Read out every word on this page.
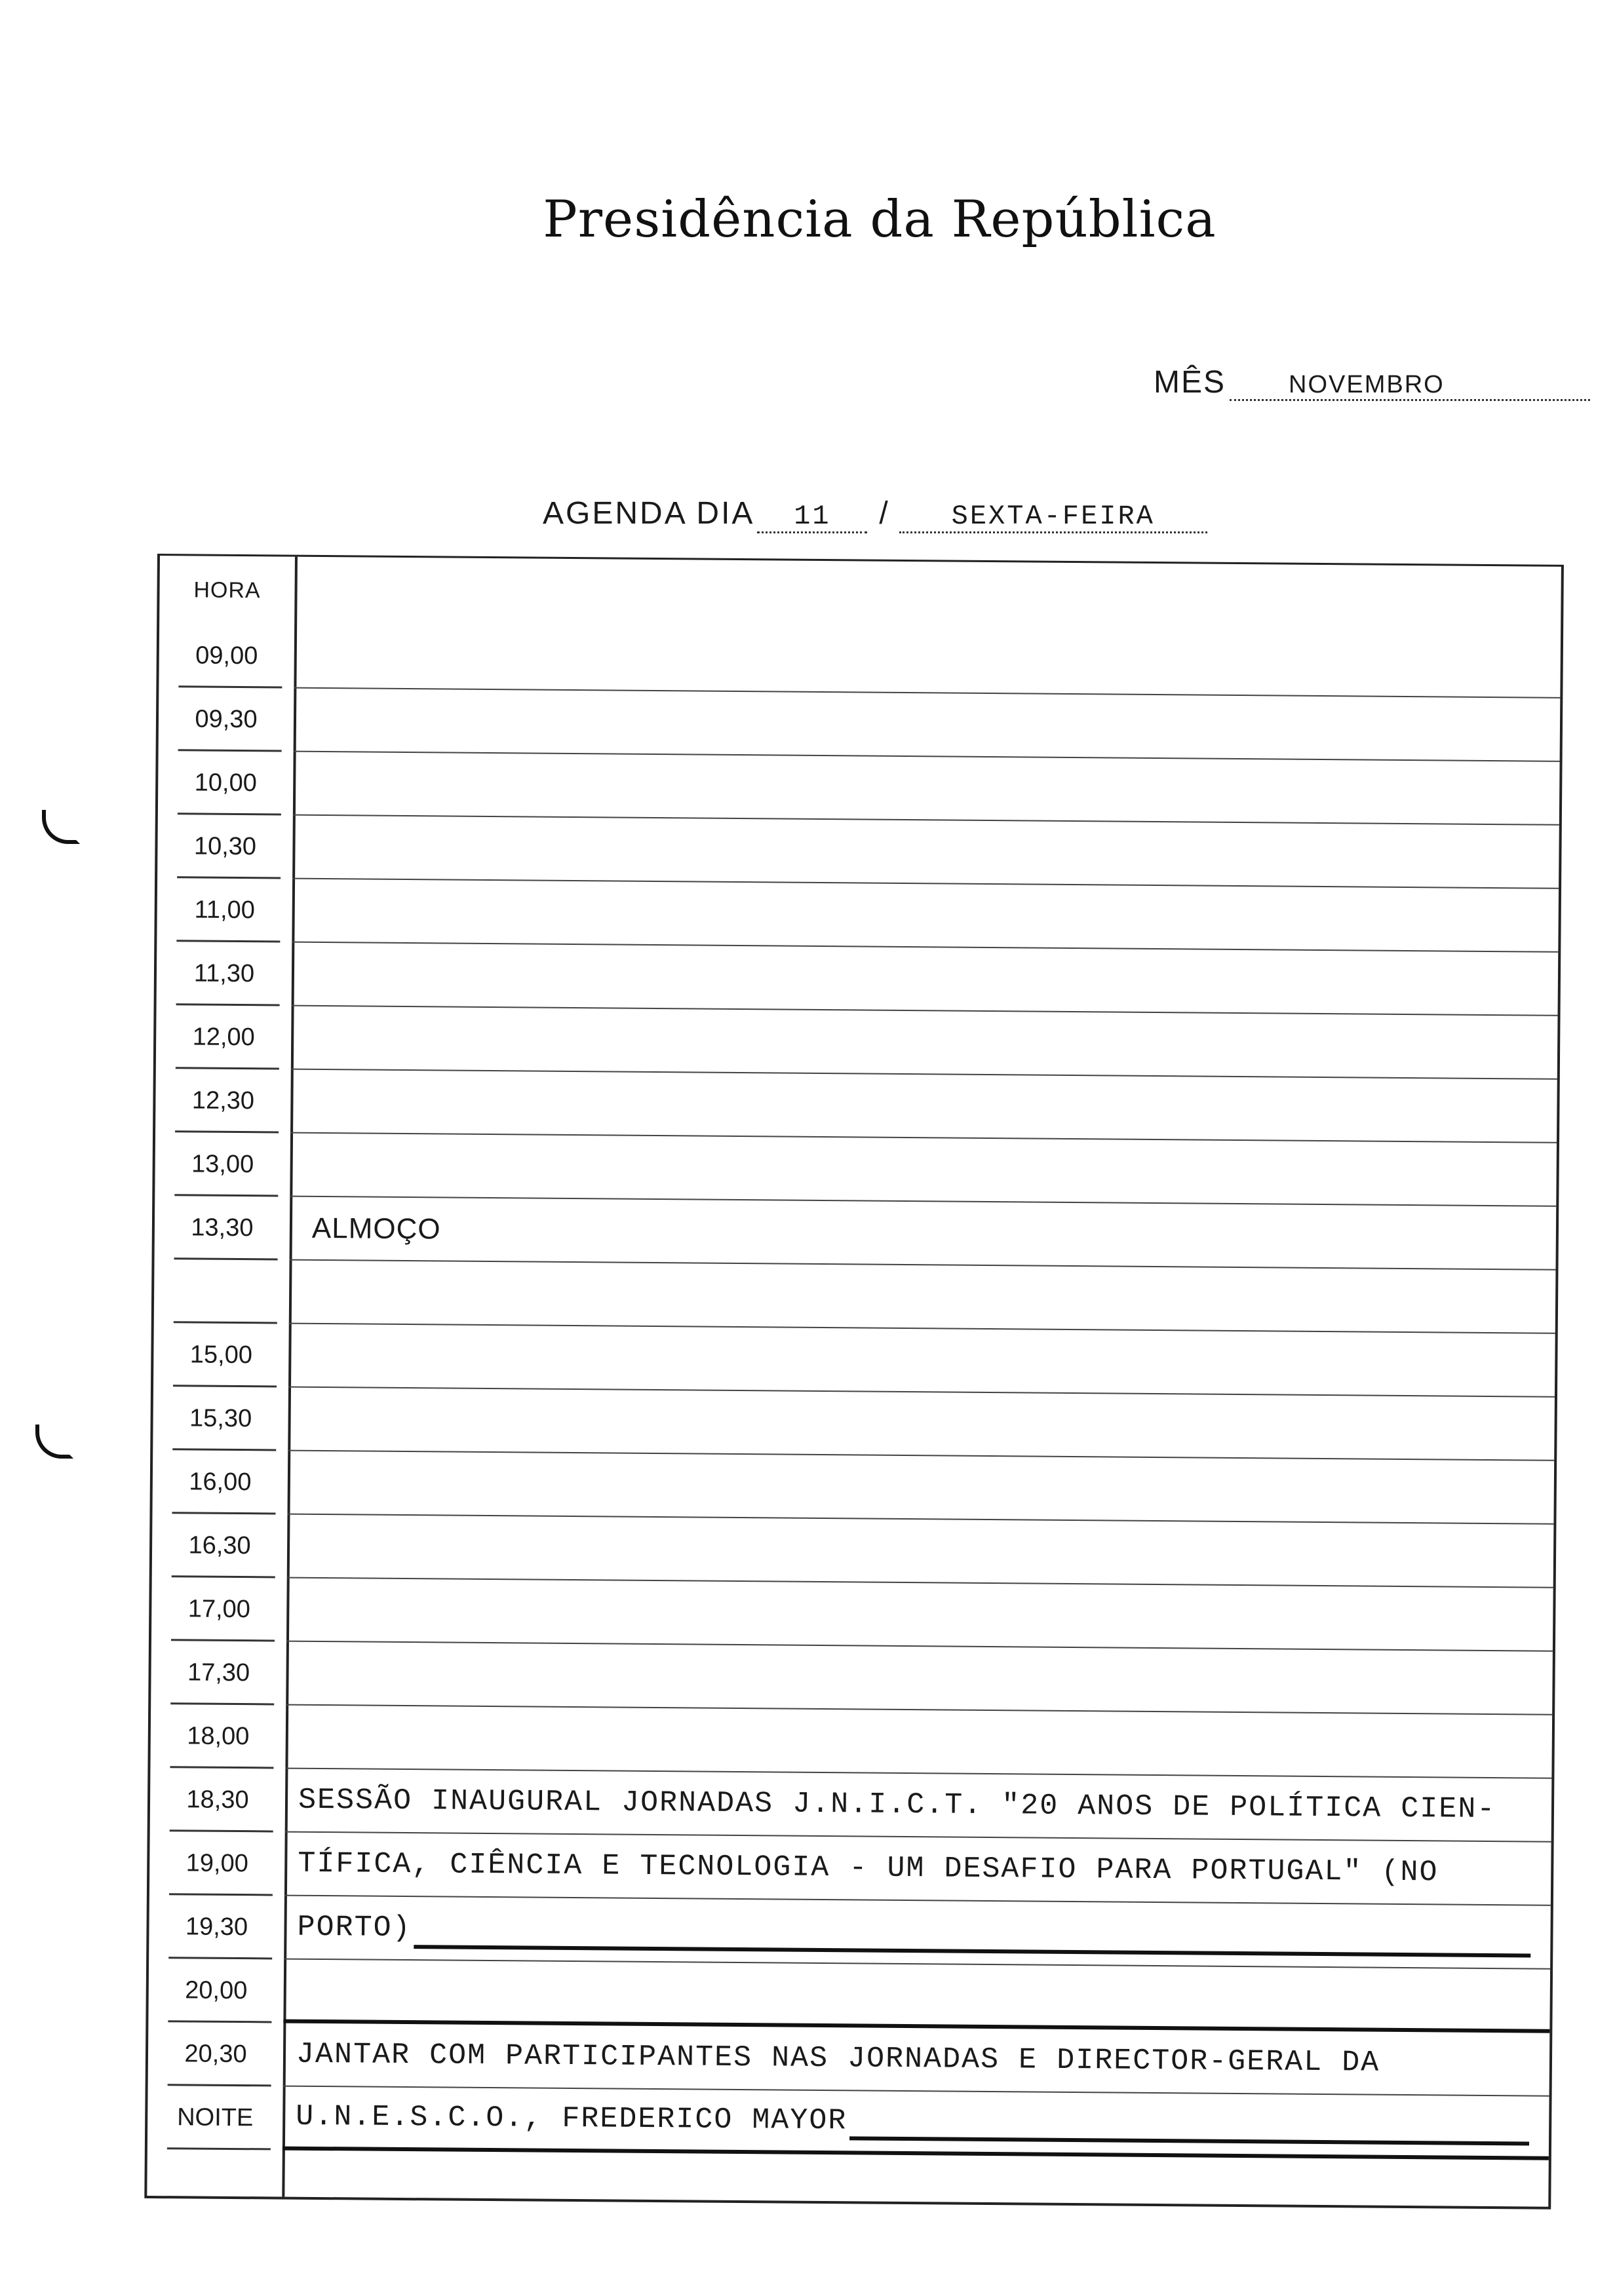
Presidência da República
MÊS	NOVEMBRO
AGENDA DIA 11 / SEXTA-FEIRA
HORA
09,00
09,30
10,00
10,30
11,00
11,30
12,00
12,30
13,00
13,30	ALMOÇO
15,00
15,30
16,00
16,30
17,00
17,30
18,00
18,30	SESSÃO INAUGURAL JORNADAS J.N.I.C.T. "20 ANOS DE POLÍTICA CIEN-
19,00	TÍFICA, CIÊNCIA E TECNOLOGIA - UM DESAFIO PARA PORTUGAL" (NO
19,30	PORTO)
20,00
20,30	JANTAR COM PARTICIPANTES NAS JORNADAS E DIRECTOR-GERAL DA
NOITE	U.N.E.S.C.O., FREDERICO MAYOR
